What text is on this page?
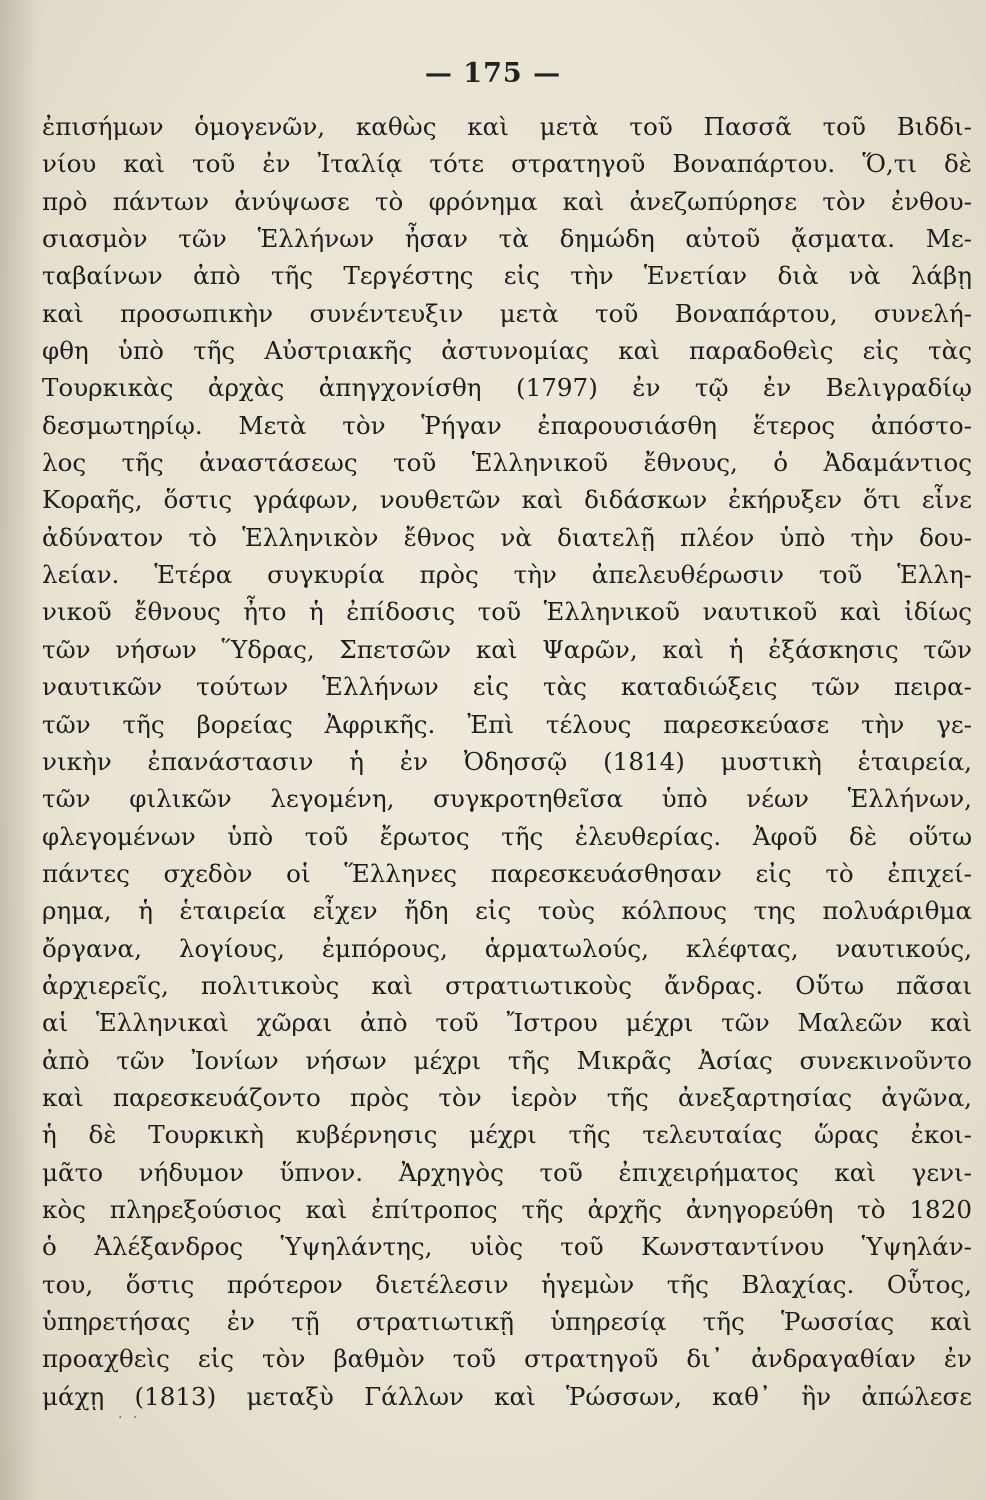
— 175 —
ἐπισήμων ὁμογενῶν, καθὼς καὶ μετὰ τοῦ Πασσᾶ τοῦ Βιδδι-
νίου καὶ τοῦ ἐν Ἰταλίᾳ τότε στρατηγοῦ Βοναπάρτου. Ὅ,τι δὲ
πρὸ πάντων ἀνύψωσε τὸ φρόνημα καὶ ἀνεζωπύρησε τὸν ἐνθου-
σιασμὸν τῶν Ἑλλήνων ἦσαν τὰ δημώδη αὐτοῦ ᾄσματα. Με-
ταβαίνων ἀπὸ τῆς Τεργέστης εἰς τὴν Ἑνετίαν διὰ νὰ λάβῃ
καὶ προσωπικὴν συνέντευξιν μετὰ τοῦ Βοναπάρτου, συνελή-
φθη ὑπὸ τῆς Αὐστριακῆς ἀστυνομίας καὶ παραδοθεὶς εἰς τὰς
Τουρκικὰς ἀρχὰς ἀπηγχονίσθη (1797) ἐν τῷ ἐν Βελιγραδίῳ
δεσμωτηρίῳ. Μετὰ τὸν Ῥήγαν ἐπαρουσιάσθη ἕτερος ἀπόστο-
λος τῆς ἀναστάσεως τοῦ Ἑλληνικοῦ ἔθνους, ὁ Ἀδαμάντιος
Κοραῆς, ὅστις γράφων, νουθετῶν καὶ διδάσκων ἐκήρυξεν ὅτι εἶνε
ἀδύνατον τὸ Ἑλληνικὸν ἔθνος νὰ διατελῇ πλέον ὑπὸ τὴν δου-
λείαν. Ἑτέρα συγκυρία πρὸς τὴν ἀπελευθέρωσιν τοῦ Ἑλλη-
νικοῦ ἔθνους ἦτο ἡ ἐπίδοσις τοῦ Ἑλληνικοῦ ναυτικοῦ καὶ ἰδίως
τῶν νήσων Ὕδρας, Σπετσῶν καὶ Ψαρῶν, καὶ ἡ ἐξάσκησις τῶν
ναυτικῶν τούτων Ἑλλήνων εἰς τὰς καταδιώξεις τῶν πειρα-
τῶν τῆς βορείας Ἀφρικῆς. Ἐπὶ τέλους παρεσκεύασε τὴν γε-
νικὴν ἐπανάστασιν ἡ ἐν Ὀδησσῷ (1814) μυστικὴ ἑταιρεία,
τῶν φιλικῶν λεγομένη, συγκροτηθεῖσα ὑπὸ νέων Ἑλλήνων,
φλεγομένων ὑπὸ τοῦ ἔρωτος τῆς ἐλευθερίας. Ἀφοῦ δὲ οὕτω
πάντες σχεδὸν οἱ Ἕλληνες παρεσκευάσθησαν εἰς τὸ ἐπιχεί-
ρημα, ἡ ἑταιρεία εἶχεν ἤδη εἰς τοὺς κόλπους της πολυάριθμα
ὄργανα, λογίους, ἐμπόρους, ἁρματωλούς, κλέφτας, ναυτικούς,
ἀρχιερεῖς, πολιτικοὺς καὶ στρατιωτικοὺς ἄνδρας. Οὕτω πᾶσαι
αἱ Ἑλληνικαὶ χῶραι ἀπὸ τοῦ Ἴστρου μέχρι τῶν Μαλεῶν καὶ
ἀπὸ τῶν Ἰονίων νήσων μέχρι τῆς Μικρᾶς Ἀσίας συνεκινοῦντο
καὶ παρεσκευάζοντο πρὸς τὸν ἱερὸν τῆς ἀνεξαρτησίας ἀγῶνα,
ἡ δὲ Τουρκικὴ κυβέρνησις μέχρι τῆς τελευταίας ὥρας ἐκοι-
μᾶτο νήδυμον ὕπνον. Ἀρχηγὸς τοῦ ἐπιχειρήματος καὶ γενι-
κὸς πληρεξούσιος καὶ ἐπίτροπος τῆς ἀρχῆς ἀνηγορεύθη τὸ 1820
ὁ Ἀλέξανδρος Ὑψηλάντης, υἱὸς τοῦ Κωνσταντίνου Ὑψηλάν-
του, ὅστις πρότερον διετέλεσιν ἡγεμὼν τῆς Βλαχίας. Οὗτος,
ὑπηρετήσας ἐν τῇ στρατιωτικῇ ὑπηρεσίᾳ τῆς Ῥωσσίας καὶ
προαχθεὶς εἰς τὸν βαθμὸν τοῦ στρατηγοῦ δι᾽ ἀνδραγαθίαν ἐν
μάχῃ (1813) μεταξὺ Γάλλων καὶ Ῥώσσων, καθ᾽ ἣν ἀπώλεσε
· ·
